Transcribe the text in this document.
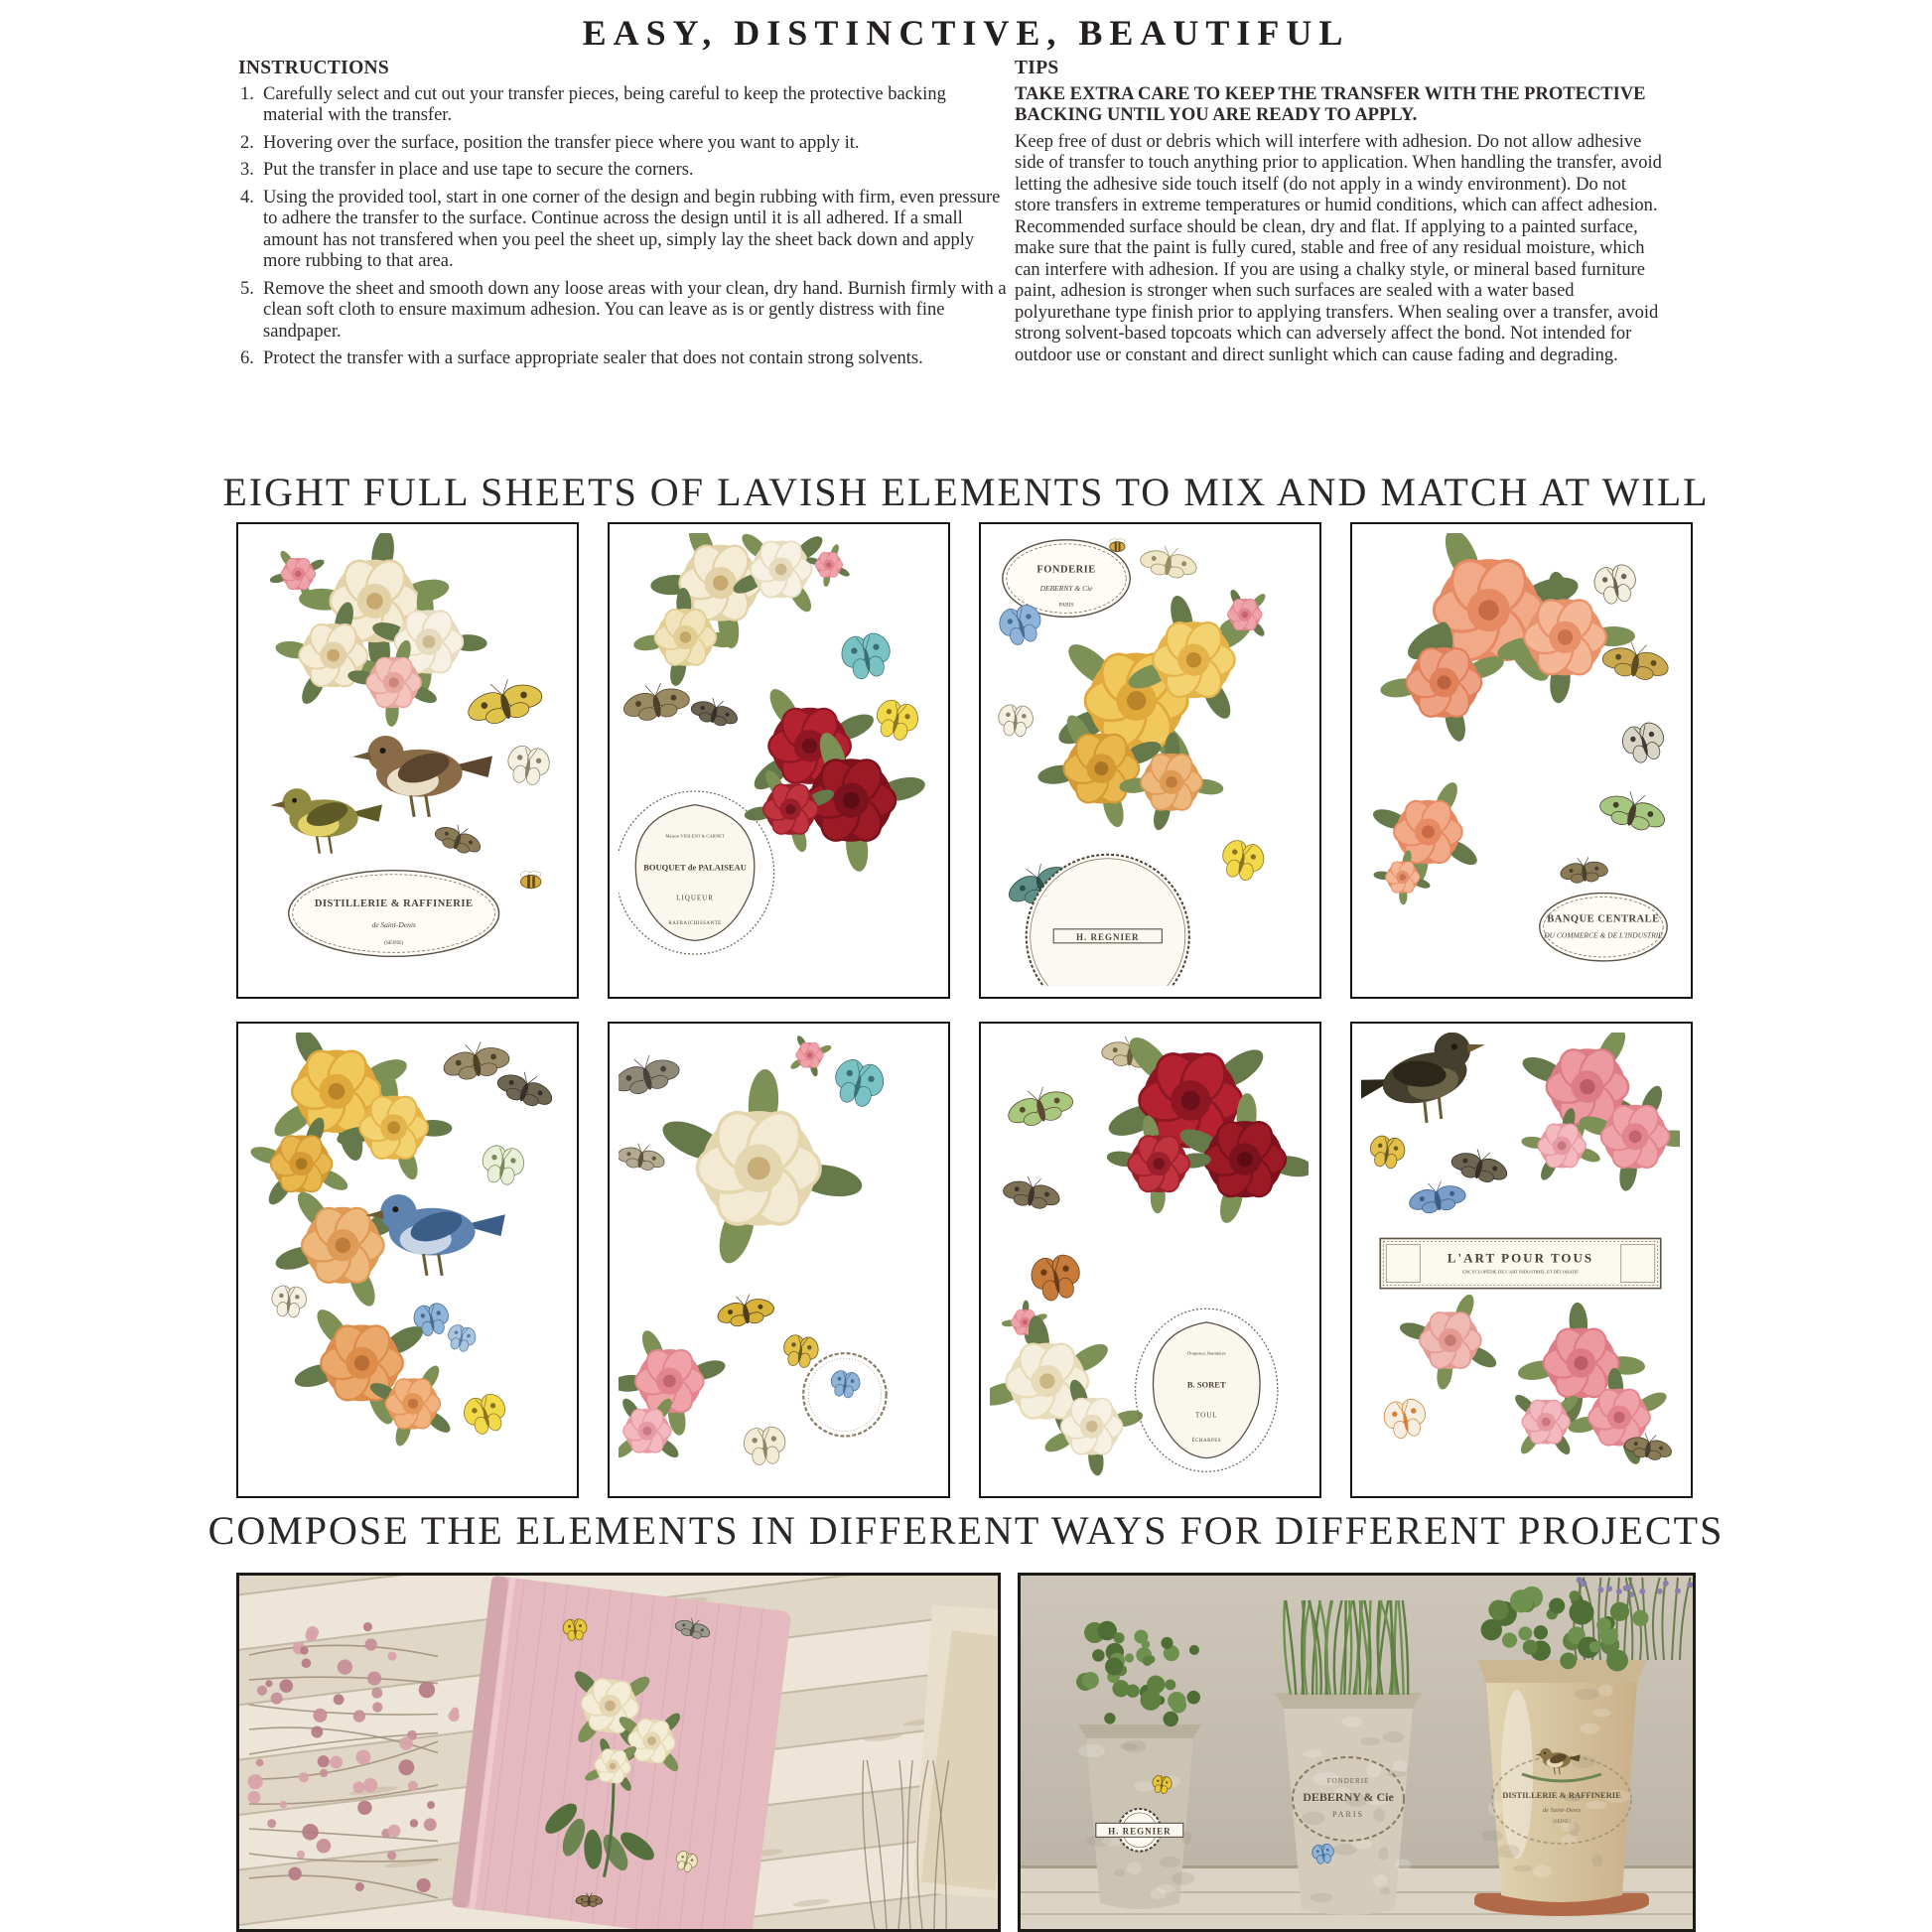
EASY, DISTINCTIVE, BEAUTIFUL
INSTRUCTIONS
Carefully select and cut out your transfer pieces, being careful to keep the protective backing material with the transfer.
Hovering over the surface, position the transfer piece where you want to apply it.
Put the transfer in place and use tape to secure the corners.
Using the provided tool, start in one corner of the design and begin rubbing with firm, even pressure to adhere the transfer to the surface. Continue across the design until it is all adhered. If a small amount has not transfered when you peel the sheet up, simply lay the sheet back down and apply more rubbing to that area.
Remove the sheet and smooth down any loose areas with your clean, dry hand. Burnish firmly with a clean soft cloth to ensure maximum adhesion. You can leave as is or gently distress with fine sandpaper.
Protect the transfer with a surface appropriate sealer that does not contain strong solvents.
TIPS

TAKE EXTRA CARE TO KEEP THE TRANSFER WITH THE PROTECTIVE BACKING UNTIL YOU ARE READY TO APPLY.

Keep free of dust or debris which will interfere with adhesion. Do not allow adhesive side of transfer to touch anything prior to application. When handling the transfer, avoid letting the adhesive side touch itself (do not apply in a windy environment). Do not store transfers in extreme temperatures or humid conditions, which can affect adhesion. Recommended surface should be clean, dry and flat. If applying to a painted surface, make sure that the paint is fully cured, stable and free of any residual moisture, which can interfere with adhesion. If you are using a chalky style, or mineral based furniture paint, adhesion is stronger when such surfaces are sealed with a water based polyurethane type finish prior to applying transfers. When sealing over a transfer, avoid strong solvent-based topcoats which can adversely affect the bond. Not intended for outdoor use or constant and direct sunlight which can cause fading and degrading.

EIGHT FULL SHEETS OF LAVISH ELEMENTS TO MIX AND MATCH AT WILL
DISTILLERIE & RAFFINERIE
de Saint-Denis
(SEINE)
Maison VESLENT & CARNET
BOUQUET de PALAISEAU
LIQUEUR
RAFRAICHISSANTE
FONDERIE
DEBERNY & Cie
PARIS
H. REGNIER
BANQUE CENTRALE
DU COMMERCE & DE L'INDUSTRIE
Drapeaux, Bannières
B. SORET
TOUL
ÉCHARPES
L'ART POUR TOUS
ENCYCLOPÉDIE DE L'ART INDUSTRIEL ET DÉCORATIF
COMPOSE THE ELEMENTS IN DIFFERENT WAYS FOR DIFFERENT PROJECTS
H. REGNIER
FONDERIE
DEBERNY & Cie
PARIS
DISTILLERIE & RAFFINERIE
de Saint-Denis
(SEINE)
